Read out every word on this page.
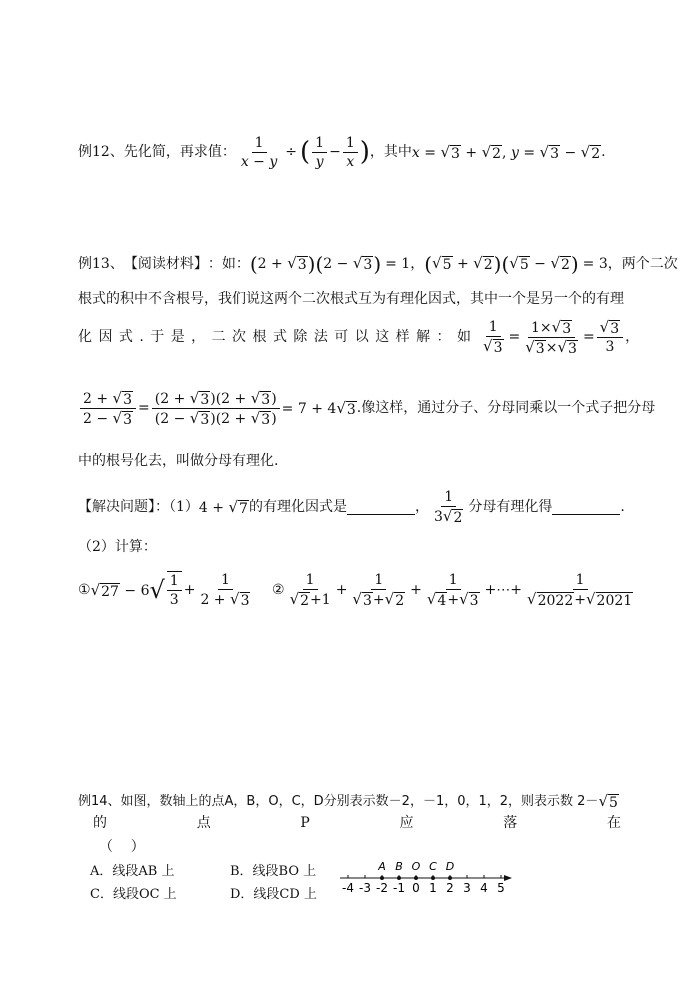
例12、先化简，再求值： $\frac{1}{x - y}$ ÷ ( $\frac{1}{y} - \frac{1}{x}$ ) ，其中 x = √ 3 + √ 2 , y = √ 3 − √ 2 .
例13、 【阅读材料】 ：如： (2 + √ 3 )(2 − √ 3 ) = 1， ( √ 5 + √ 2 )( √ 5 − √ 2 ) = 3，两个二次
根式的积中不含根号，我们说这两个二次根式互为有理化因式，其中一个是另一个的有理
化 因 式 . 于 是 ， 二 次 根 式 除 法 可 以 这 样 解 ： 如 $\frac{1}{√ 3} = \frac{1\times √ 3}{√ 3 \times √ 3} = \frac{√ 3}{3}$ ，
$\frac{2 + √ 3}{2 - √ 3} = \frac{(2 + √ 3 )(2 + √ 3 )}{(2 - √ 3 )(2 + √ 3 )} = 7 + 4$ √ 3 .像这样，通过分子、分母同乘以一个式子把分母
中的根号化去，叫做分母有理化.
【解决问题】：（1） 4 + √ 7 的有理化因式是	， $\frac{1}{3 √ 2}$ 分母有理化得	.
（2）计算：
① √ 27 − 6 √ $\frac{1}{3} + \frac{1}{2 + √ 3}$ ② $\frac{1}{√ 2 +1} + \frac{1}{√ 3 + √ 2} + \frac{1}{√ 4 + √ 3}$ +⋯+ $\frac{1}{√ 2022 + √ 2021}$
例14、如图，数轴上的点A，B，O，C，D分别表示数－2，－1，0，1，2，则表示数 2－ √ 5
的	点	P	应	落	在
（    ）
A．线段AB 上	B．线段BO 上
C．线段OC 上	D．线段CD 上 -4 -3 -2 -1 0 1 2 3 4 5
A B O C D
